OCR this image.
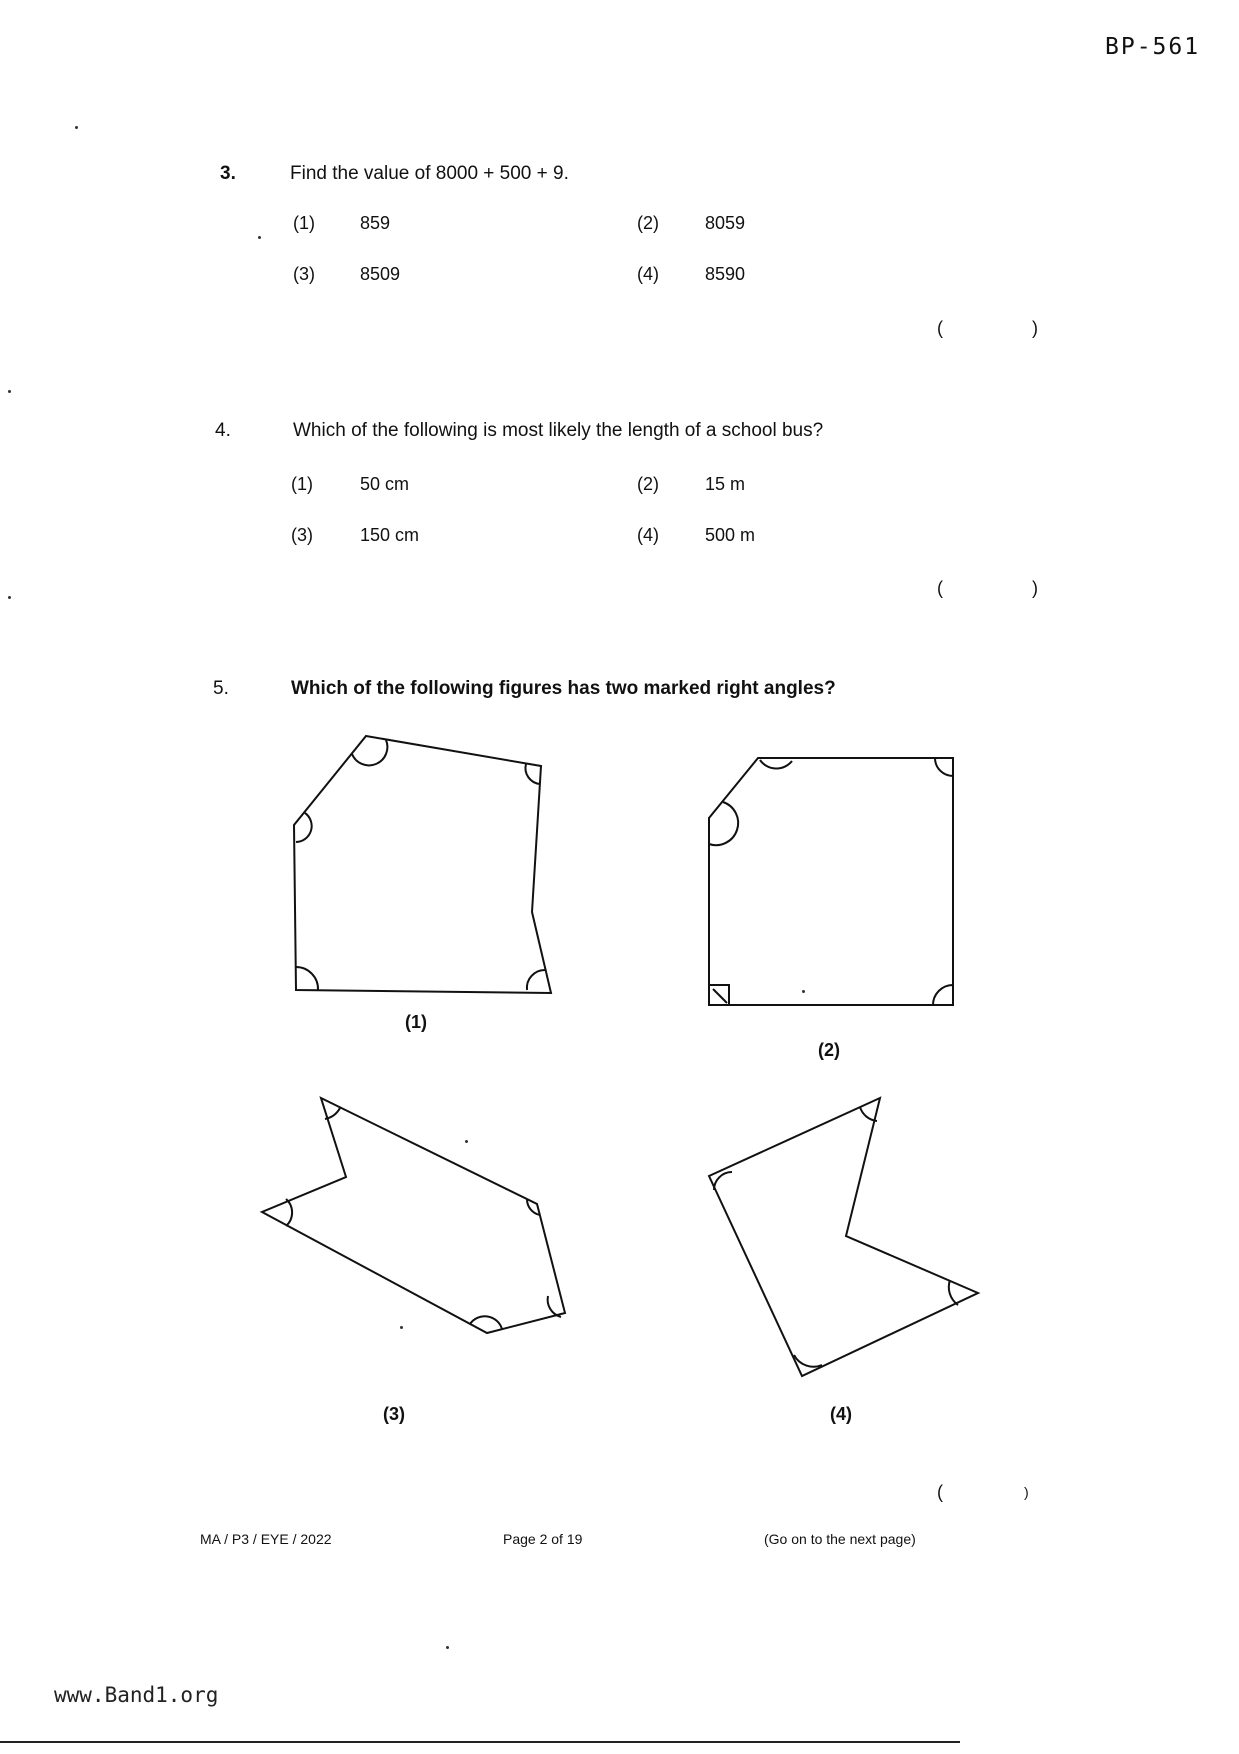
BP-561
3.	Find the value of 8000 + 500 + 9.
(1)	859	(2)	8059
(3)	8509	(4)	8590
(	)
4.	Which of the following is most likely the length of a school bus?
(1)	50 cm	(2)	15 m
(3)	150 cm	(4)	500 m
(	)
5.	Which of the following figures has two marked right angles?
(1)
(2)
(3)	(4)
(	)
MA / P3 / EYE / 2022	Page 2 of 19	(Go on to the next page)
www.Band1.org
